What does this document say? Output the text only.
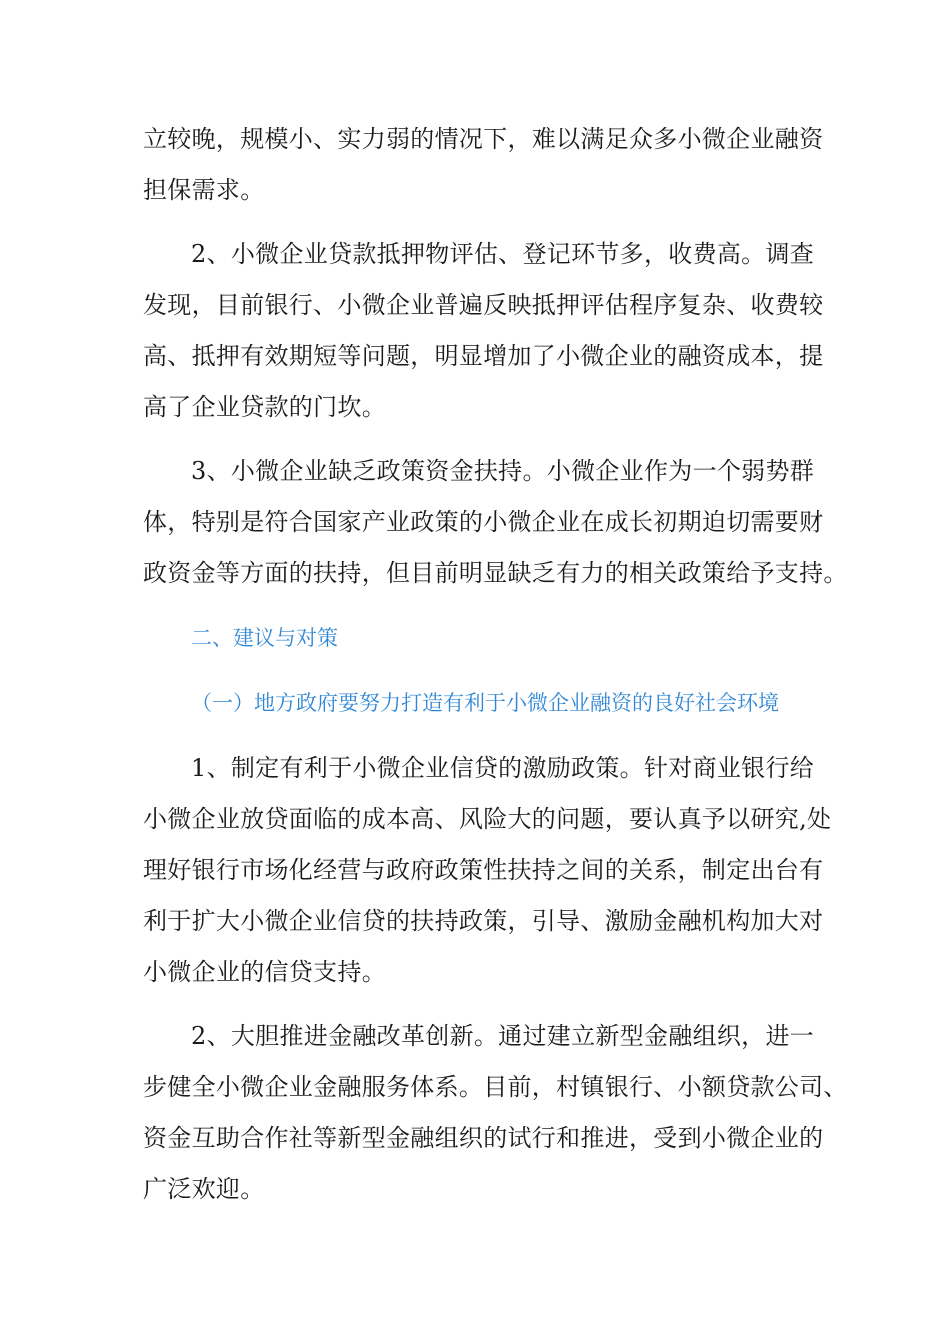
立较晚，规模小、实力弱的情况下，难以满足众多小微企业融资
担保需求。
2、小微企业贷款抵押物评估、登记环节多，收费高。调查
发现，目前银行、小微企业普遍反映抵押评估程序复杂、收费较
高、抵押有效期短等问题，明显增加了小微企业的融资成本，提
高了企业贷款的门坎。
3、小微企业缺乏政策资金扶持。小微企业作为一个弱势群
体，特别是符合国家产业政策的小微企业在成长初期迫切需要财
政资金等方面的扶持，但目前明显缺乏有力的相关政策给予支持。
二、建议与对策
（一）地方政府要努力打造有利于小微企业融资的良好社会环境
1、制定有利于小微企业信贷的激励政策。针对商业银行给
小微企业放贷面临的成本高、风险大的问题，要认真予以研究,处
理好银行市场化经营与政府政策性扶持之间的关系，制定出台有
利于扩大小微企业信贷的扶持政策，引导、激励金融机构加大对
小微企业的信贷支持。
2、大胆推进金融改革创新。通过建立新型金融组织，进一
步健全小微企业金融服务体系。目前，村镇银行、小额贷款公司、
资金互助合作社等新型金融组织的试行和推进，受到小微企业的
广泛欢迎。
